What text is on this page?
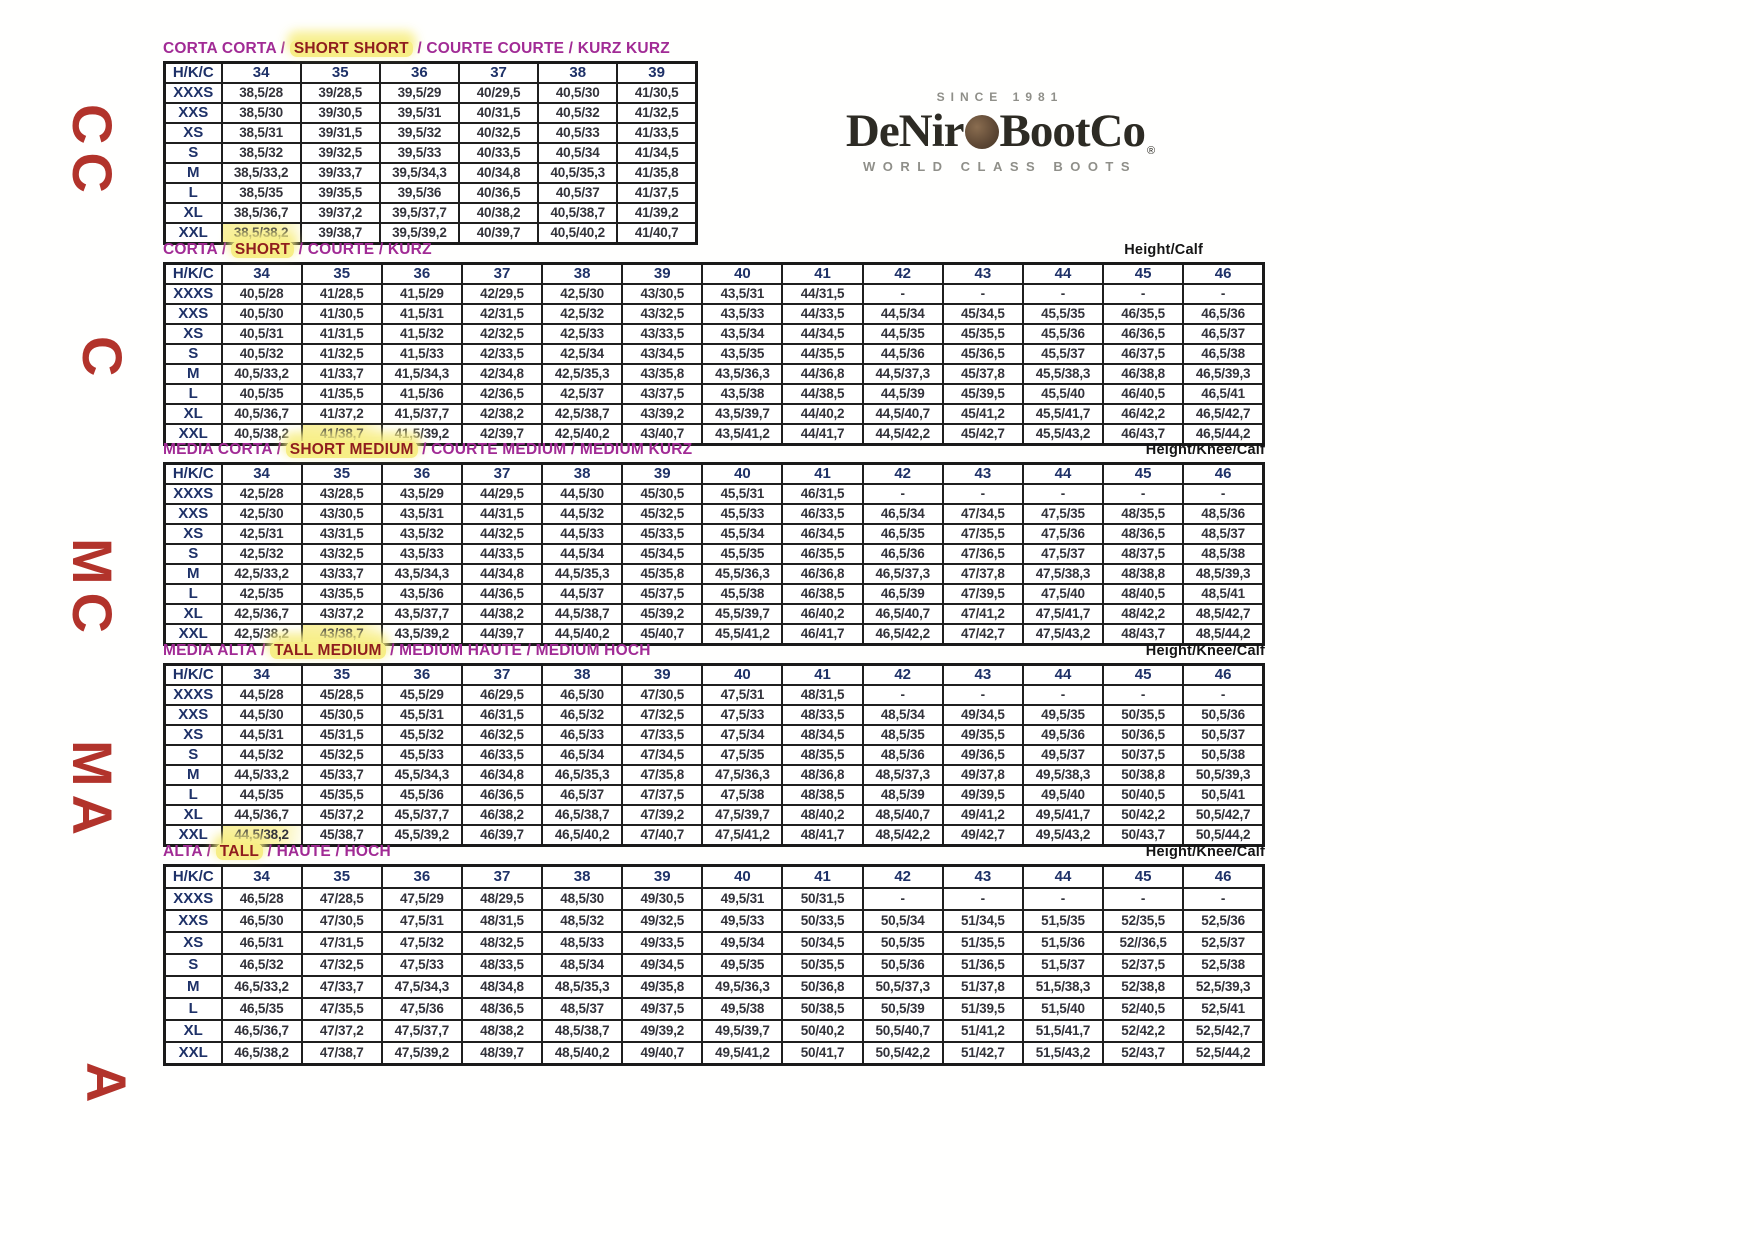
CC
C
MC
MA
A
SINCE 1981
DeNir BootCo ®
WORLD CLASS BOOTS
CORTA CORTA / SHORT SHORT / COURTE COURTE / KURZ KURZ
H/K/C	34	35	36	37	38	39
XXXS	38,5/28	39/28,5	39,5/29	40/29,5	40,5/30	41/30,5
XXS	38,5/30	39/30,5	39,5/31	40/31,5	40,5/32	41/32,5
XS	38,5/31	39/31,5	39,5/32	40/32,5	40,5/33	41/33,5
S	38,5/32	39/32,5	39,5/33	40/33,5	40,5/34	41/34,5
M	38,5/33,2	39/33,7	39,5/34,3	40/34,8	40,5/35,3	41/35,8
L	38,5/35	39/35,5	39,5/36	40/36,5	40,5/37	41/37,5
XL	38,5/36,7	39/37,2	39,5/37,7	40/38,2	40,5/38,7	41/39,2
XXL	38,5/38,2	39/38,7	39,5/39,2	40/39,7	40,5/40,2	41/40,7
CORTA / SHORT / COURTE / KURZ	Height/Calf
H/K/C	34	35	36	37	38	39	40	41	42	43	44	45	46
XXXS	40,5/28	41/28,5	41,5/29	42/29,5	42,5/30	43/30,5	43,5/31	44/31,5	-	-	-	-	-
XXS	40,5/30	41/30,5	41,5/31	42/31,5	42,5/32	43/32,5	43,5/33	44/33,5	44,5/34	45/34,5	45,5/35	46/35,5	46,5/36
XS	40,5/31	41/31,5	41,5/32	42/32,5	42,5/33	43/33,5	43,5/34	44/34,5	44,5/35	45/35,5	45,5/36	46/36,5	46,5/37
S	40,5/32	41/32,5	41,5/33	42/33,5	42,5/34	43/34,5	43,5/35	44/35,5	44,5/36	45/36,5	45,5/37	46/37,5	46,5/38
M	40,5/33,2	41/33,7	41,5/34,3	42/34,8	42,5/35,3	43/35,8	43,5/36,3	44/36,8	44,5/37,3	45/37,8	45,5/38,3	46/38,8	46,5/39,3
L	40,5/35	41/35,5	41,5/36	42/36,5	42,5/37	43/37,5	43,5/38	44/38,5	44,5/39	45/39,5	45,5/40	46/40,5	46,5/41
XL	40,5/36,7	41/37,2	41,5/37,7	42/38,2	42,5/38,7	43/39,2	43,5/39,7	44/40,2	44,5/40,7	45/41,2	45,5/41,7	46/42,2	46,5/42,7
XXL	40,5/38,2	41/38,7	41,5/39,2	42/39,7	42,5/40,2	43/40,7	43,5/41,2	44/41,7	44,5/42,2	45/42,7	45,5/43,2	46/43,7	46,5/44,2
MEDIA CORTA / SHORT MEDIUM / COURTE MEDIUM / MEDIUM KURZ	Height/Knee/Calf
H/K/C	34	35	36	37	38	39	40	41	42	43	44	45	46
XXXS	42,5/28	43/28,5	43,5/29	44/29,5	44,5/30	45/30,5	45,5/31	46/31,5	-	-	-	-	-
XXS	42,5/30	43/30,5	43,5/31	44/31,5	44,5/32	45/32,5	45,5/33	46/33,5	46,5/34	47/34,5	47,5/35	48/35,5	48,5/36
XS	42,5/31	43/31,5	43,5/32	44/32,5	44,5/33	45/33,5	45,5/34	46/34,5	46,5/35	47/35,5	47,5/36	48/36,5	48,5/37
S	42,5/32	43/32,5	43,5/33	44/33,5	44,5/34	45/34,5	45,5/35	46/35,5	46,5/36	47/36,5	47,5/37	48/37,5	48,5/38
M	42,5/33,2	43/33,7	43,5/34,3	44/34,8	44,5/35,3	45/35,8	45,5/36,3	46/36,8	46,5/37,3	47/37,8	47,5/38,3	48/38,8	48,5/39,3
L	42,5/35	43/35,5	43,5/36	44/36,5	44,5/37	45/37,5	45,5/38	46/38,5	46,5/39	47/39,5	47,5/40	48/40,5	48,5/41
XL	42,5/36,7	43/37,2	43,5/37,7	44/38,2	44,5/38,7	45/39,2	45,5/39,7	46/40,2	46,5/40,7	47/41,2	47,5/41,7	48/42,2	48,5/42,7
XXL	42,5/38,2	43/38,7	43,5/39,2	44/39,7	44,5/40,2	45/40,7	45,5/41,2	46/41,7	46,5/42,2	47/42,7	47,5/43,2	48/43,7	48,5/44,2
MEDIA ALTA / TALL MEDIUM / MEDIUM HAUTE / MEDIUM HOCH	Height/Knee/Calf
H/K/C	34	35	36	37	38	39	40	41	42	43	44	45	46
XXXS	44,5/28	45/28,5	45,5/29	46/29,5	46,5/30	47/30,5	47,5/31	48/31,5	-	-	-	-	-
XXS	44,5/30	45/30,5	45,5/31	46/31,5	46,5/32	47/32,5	47,5/33	48/33,5	48,5/34	49/34,5	49,5/35	50/35,5	50,5/36
XS	44,5/31	45/31,5	45,5/32	46/32,5	46,5/33	47/33,5	47,5/34	48/34,5	48,5/35	49/35,5	49,5/36	50/36,5	50,5/37
S	44,5/32	45/32,5	45,5/33	46/33,5	46,5/34	47/34,5	47,5/35	48/35,5	48,5/36	49/36,5	49,5/37	50/37,5	50,5/38
M	44,5/33,2	45/33,7	45,5/34,3	46/34,8	46,5/35,3	47/35,8	47,5/36,3	48/36,8	48,5/37,3	49/37,8	49,5/38,3	50/38,8	50,5/39,3
L	44,5/35	45/35,5	45,5/36	46/36,5	46,5/37	47/37,5	47,5/38	48/38,5	48,5/39	49/39,5	49,5/40	50/40,5	50,5/41
XL	44,5/36,7	45/37,2	45,5/37,7	46/38,2	46,5/38,7	47/39,2	47,5/39,7	48/40,2	48,5/40,7	49/41,2	49,5/41,7	50/42,2	50,5/42,7
XXL	44,5/38,2	45/38,7	45,5/39,2	46/39,7	46,5/40,2	47/40,7	47,5/41,2	48/41,7	48,5/42,2	49/42,7	49,5/43,2	50/43,7	50,5/44,2
ALTA / TALL / HAUTE / HOCH	Height/Knee/Calf
H/K/C	34	35	36	37	38	39	40	41	42	43	44	45	46
XXXS	46,5/28	47/28,5	47,5/29	48/29,5	48,5/30	49/30,5	49,5/31	50/31,5	-	-	-	-	-
XXS	46,5/30	47/30,5	47,5/31	48/31,5	48,5/32	49/32,5	49,5/33	50/33,5	50,5/34	51/34,5	51,5/35	52/35,5	52,5/36
XS	46,5/31	47/31,5	47,5/32	48/32,5	48,5/33	49/33,5	49,5/34	50/34,5	50,5/35	51/35,5	51,5/36	52//36,5	52,5/37
S	46,5/32	47/32,5	47,5/33	48/33,5	48,5/34	49/34,5	49,5/35	50/35,5	50,5/36	51/36,5	51,5/37	52/37,5	52,5/38
M	46,5/33,2	47/33,7	47,5/34,3	48/34,8	48,5/35,3	49/35,8	49,5/36,3	50/36,8	50,5/37,3	51/37,8	51,5/38,3	52/38,8	52,5/39,3
L	46,5/35	47/35,5	47,5/36	48/36,5	48,5/37	49/37,5	49,5/38	50/38,5	50,5/39	51/39,5	51,5/40	52/40,5	52,5/41
XL	46,5/36,7	47/37,2	47,5/37,7	48/38,2	48,5/38,7	49/39,2	49,5/39,7	50/40,2	50,5/40,7	51/41,2	51,5/41,7	52/42,2	52,5/42,7
XXL	46,5/38,2	47/38,7	47,5/39,2	48/39,7	48,5/40,2	49/40,7	49,5/41,2	50/41,7	50,5/42,2	51/42,7	51,5/43,2	52/43,7	52,5/44,2
